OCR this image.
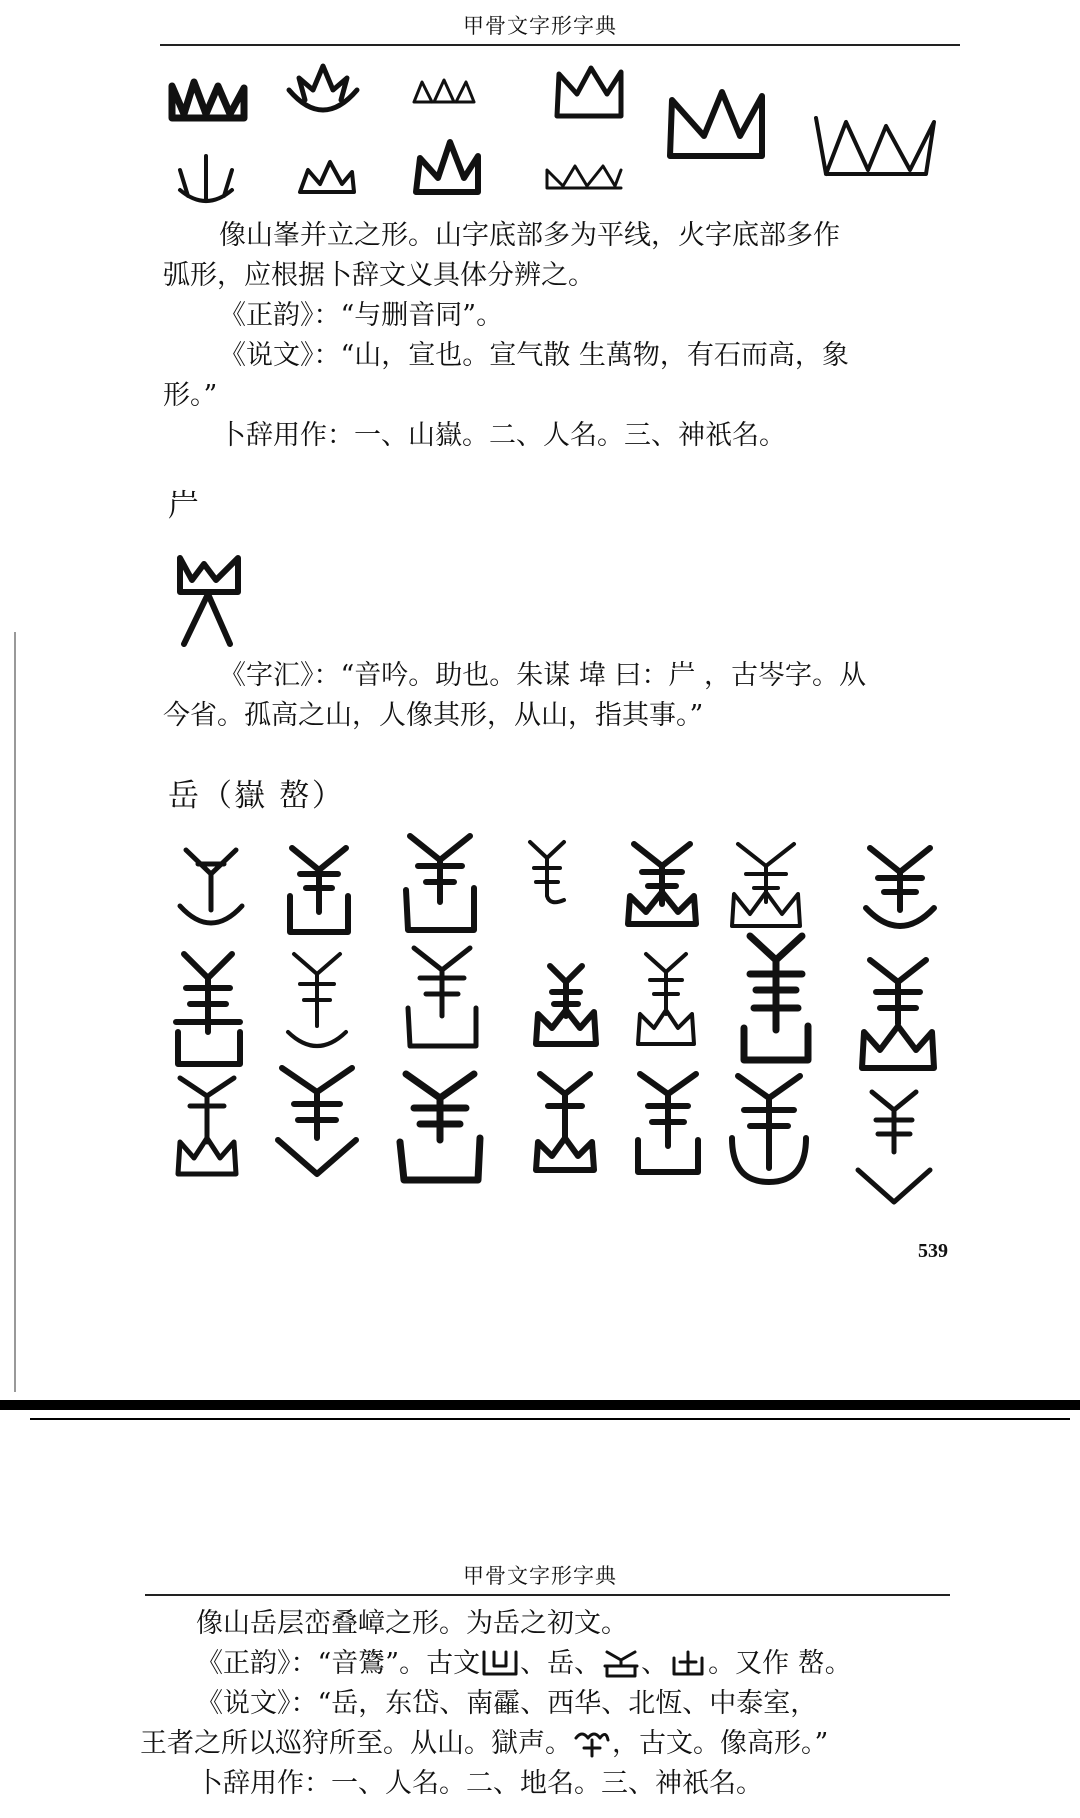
甲骨文字形字典

像山峯并立之形。山字底部多为平线，火字底部多作

弧形，应根据卜辞文义具体分辨之。

《正韵》：“与删音同”。

《说文》：“山，宣也。宣气散 生萬物，有石而高，象

形。”

卜辞用作：一、山嶽。二、人名。三、神祇名。

屵

《字汇》：“音吟。助也。朱谋 㙔 曰：屵 ，古岑字。从

今省。孤高之山，人像其形，从山，指其事。”

岳（嶽 嶅）
539
甲骨文字形字典

像山岳层峦叠嶂之形。为岳之初文。

《正韵》：“音鷟”。古文 、岳、 、 。又作 嶅。

《说文》：“岳，东岱、南靃、西华、北恆、中泰室，

王者之所以巡狩所至。从山。獄声。 ，古文。像高形。”

卜辞用作：一、人名。二、地名。三、神祇名。
